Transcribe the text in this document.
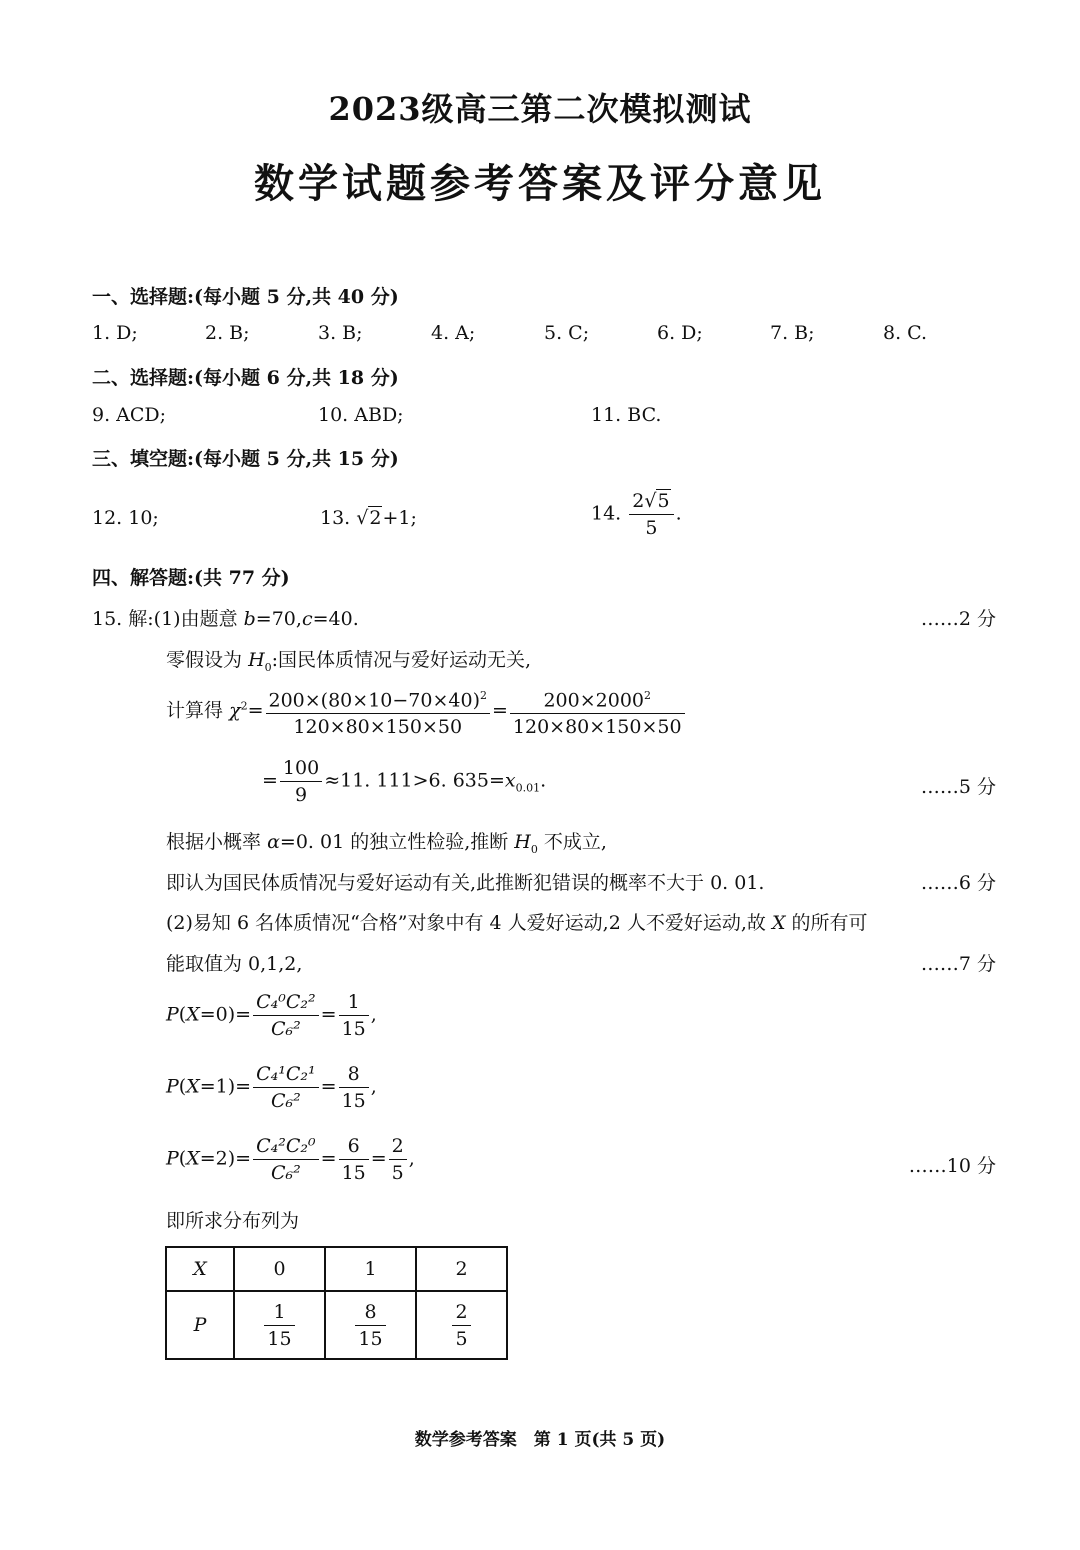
2023级高三第二次模拟测试
数学试题参考答案及评分意见
一、选择题:(每小题 5 分,共 40 分)
1. D;	2. B;	3. B;	4. A;	5. C;	6. D;	7. B;	8. C.
二、选择题:(每小题 6 分,共 18 分)
9. ACD;	10. ABD;	11. BC.
三、填空题:(每小题 5 分,共 15 分)
12. 10;	13. √2+1;	14. $\frac{2√5}{5}$ .
四、解答题:(共 77 分)
15. 解:(1)由题意 b=70,c=40.	……2 分
零假设为 $H_0$:国民体质情况与爱好运动无关,
计算得 $\chi^2= \frac{200\times(80\times 10-70\times 40)^2}{120\times 80\times 150\times 50} = \frac{200\times 2000^2}{120\times 80\times 150\times 50}$
= $\frac{100}{9} \approx 11$. 111>6. $635=x_{0.01}$.	……5 分
根据小概率 α=0. 01 的独立性检验,推断 $H_0$ 不成立,
即认为国民体质情况与爱好运动有关,此推断犯错误的概率不大于 0. 01.	……6 分
(2)易知 6 名体质情况“合格”对象中有 4 人爱好运动,2 人不爱好运动,故 X 的所有可
能取值为 0,1,2,	……7 分
$P(X=0)= \frac{\text{C₄⁰C₂²}}{\text{C₆²}} = \frac{1}{15}$ ,
$P(X=1)= \frac{\text{C₄¹C₂¹}}{\text{C₆²}} = \frac{8}{15}$ ,
$P(X=2)= \frac{\text{C₄²C₂⁰}}{\text{C₆²}} = \frac{6}{15} = \frac{2}{5}$ ,	……10 分
即所求分布列为
X	0	1	2
P	$\frac{1}{15}$	$\frac{8}{15}$	$\frac{2}{5}$
数学参考答案　第 1 页(共 5 页)
